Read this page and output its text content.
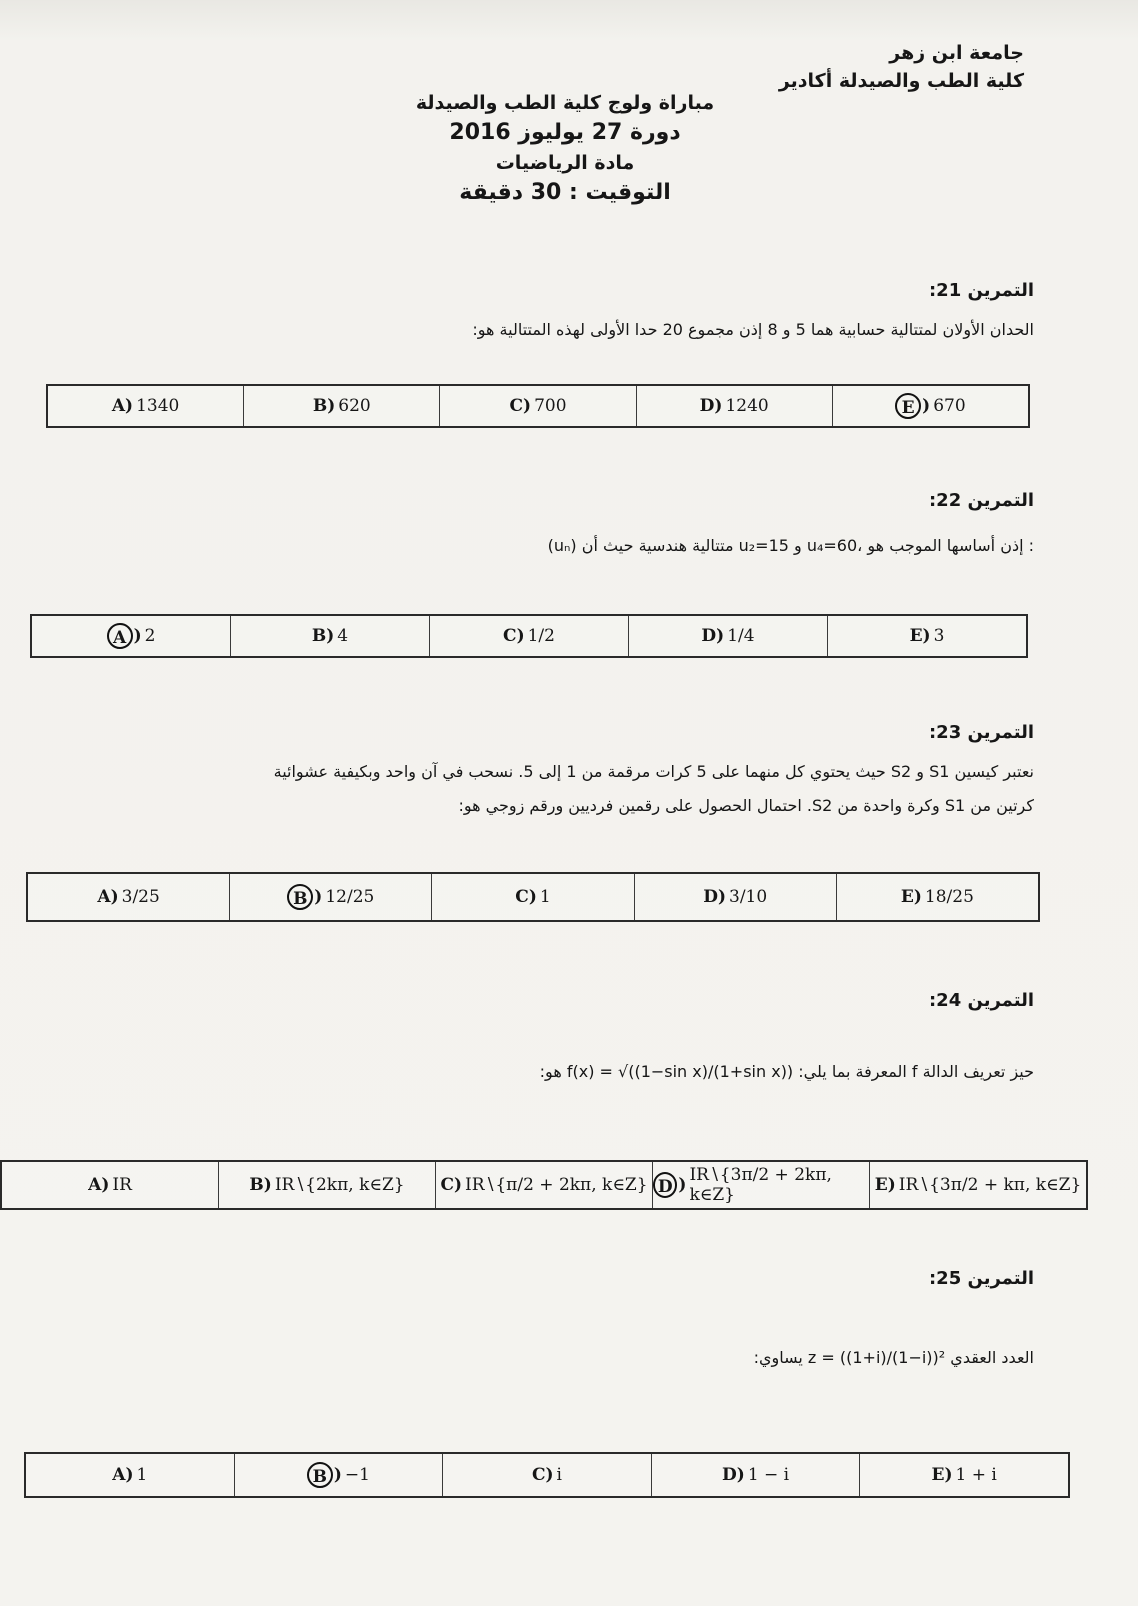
جامعة ابن زهر
كلية الطب والصيدلة أكادير
مباراة ولوج كلية الطب والصيدلة
دورة 27 يوليوز 2016
مادة الرياضيات
التوقيت : 30 دقيقة
التمرين 21:
الحدان الأولان لمتتالية حسابية هما 5 و 8 إذن مجموع 20 حدا الأولى لهذه المتتالية هو:
A ) 1340	B ) 620	C ) 700	D ) 1240	E ) 670
التمرين 22:
(uₙ) متتالية هندسية حيث أن u₂=15 و u₄=60، إذن أساسها الموجب هو :
A ) 2	B ) 4	C ) 1/2	D ) 1/4	E ) 3
التمرين 23:
نعتبر كيسين S1 و S2 حيث يحتوي كل منهما على 5 كرات مرقمة من 1 إلى 5. نسحب في آن واحد وبكيفية عشوائية
كرتين من S1 وكرة واحدة من S2. احتمال الحصول على رقمين فرديين ورقم زوجي هو:
A ) 3/25	B ) 12/25	C ) 1	D ) 3/10	E ) 18/25
التمرين 24:
حيز تعريف الدالة f المعرفة بما يلي: f(x) = √((1−sin x)/(1+sin x)) هو:
A ) IR	B ) IR∖{2kπ, k∈Z} C ) IR∖{π/2 + 2kπ, k∈Z} D ) IR∖{3π/2 + 2kπ, k∈Z}	E ) IR∖{3π/2 + kπ, k∈Z}
التمرين 25:
العدد العقدي z = ((1+i)/(1−i))² يساوي:
A ) 1	B ) −1	C ) i	D ) 1 − i	E ) 1 + i
